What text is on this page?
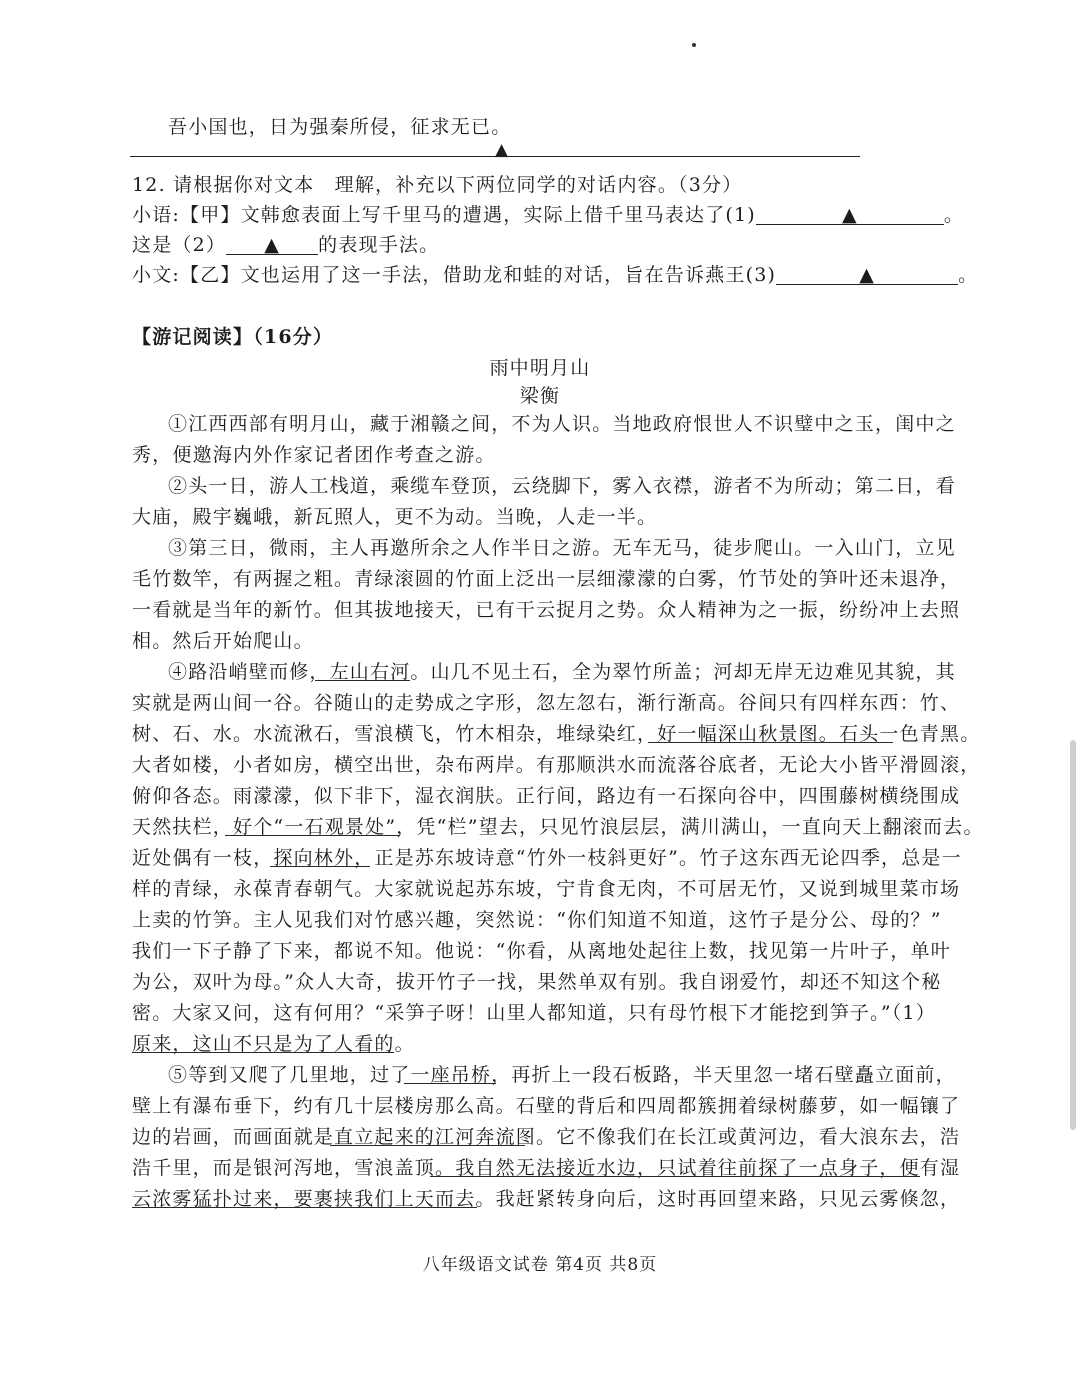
吾小国也，日为强秦所侵，征求无已。
▲
12. 请根据你对文本　理解，补充以下两位同学的对话内容。（3分）
小语:【甲】文韩愈表面上写千里马的遭遇，实际上借千里马表达了(1)	▲	。
这是（2） ▲ 的表现手法。
小文:【乙】文也运用了这一手法，借助龙和蛙的对话，旨在告诉燕王(3)	▲	。
【游记阅读】（16分）
雨中明月山
梁衡
①江西西部有明月山，藏于湘赣之间，不为人识。当地政府恨世人不识璧中之玉，闺中之
秀，便邀海内外作家记者团作考查之游。
②头一日，游人工栈道，乘缆车登顶，云绕脚下，雾入衣襟，游者不为所动；第二日，看
大庙，殿宇巍峨，新瓦照人，更不为动。当晚，人走一半。
③第三日，微雨，主人再邀所余之人作半日之游。无车无马，徒步爬山。一入山门，立见
毛竹数竿，有两握之粗。青绿滚圆的竹面上泛出一层细濛濛的白雾，竹节处的笋叶还未退净，
一看就是当年的新竹。但其拔地接天，已有干云捉月之势。众人精神为之一振，纷纷冲上去照
相。然后开始爬山。
④路沿峭壁而修，左山右河。山几不见土石，全为翠竹所盖；河却无岸无边难见其貌，其
实就是两山间一谷。谷随山的走势成之字形，忽左忽右，渐行渐高。谷间只有四样东西：竹、
树、石、水。水流湫石，雪浪横飞，竹木相杂，堆绿染红，好一幅深山秋景图。石头一色青黑。
大者如楼，小者如房，横空出世，杂布两岸。有那顺洪水而流落谷底者，无论大小皆平滑圆滚，
俯仰各态。雨濛濛，似下非下，湿衣润肤。正行间，路边有一石探向谷中，四围藤树横绕围成
天然扶栏，好个“一石观景处”，凭“栏”望去，只见竹浪层层，满川满山，一直向天上翻滚而去。
近处偶有一枝，探向林外，正是苏东坡诗意“竹外一枝斜更好”。竹子这东西无论四季，总是一
样的青绿，永葆青春朝气。大家就说起苏东坡，宁肯食无肉，不可居无竹，又说到城里菜市场
上卖的竹笋。主人见我们对竹感兴趣，突然说：“你们知道不知道，这竹子是分公、母的？”
我们一下子静了下来，都说不知。他说：“你看，从离地处起往上数，找见第一片叶子，单叶
为公，双叶为母。”众人大奇，拔开竹子一找，果然单双有别。我自诩爱竹，却还不知这个秘
密。大家又问，这有何用？“采笋子呀！山里人都知道，只有母竹根下才能挖到笋子。”（1）
原来，这山不只是为了人看的。
⑤等到又爬了几里地，过了一座吊桥，再折上一段石板路，半天里忽一堵石壁矗立面前，
壁上有瀑布垂下，约有几十层楼房那么高。石壁的背后和四周都簇拥着绿树藤萝，如一幅镶了
边的岩画，而画面就是直立起来的江河奔流图。它不像我们在长江或黄河边，看大浪东去，浩
浩千里，而是银河泻地，雪浪盖顶。我自然无法接近水边，只试着往前探了一点身子，便有湿
云浓雾猛扑过来，要裹挟我们上天而去。我赶紧转身向后，这时再回望来路，只见云雾倏忽，
八年级语文试卷 第4页 共8页
